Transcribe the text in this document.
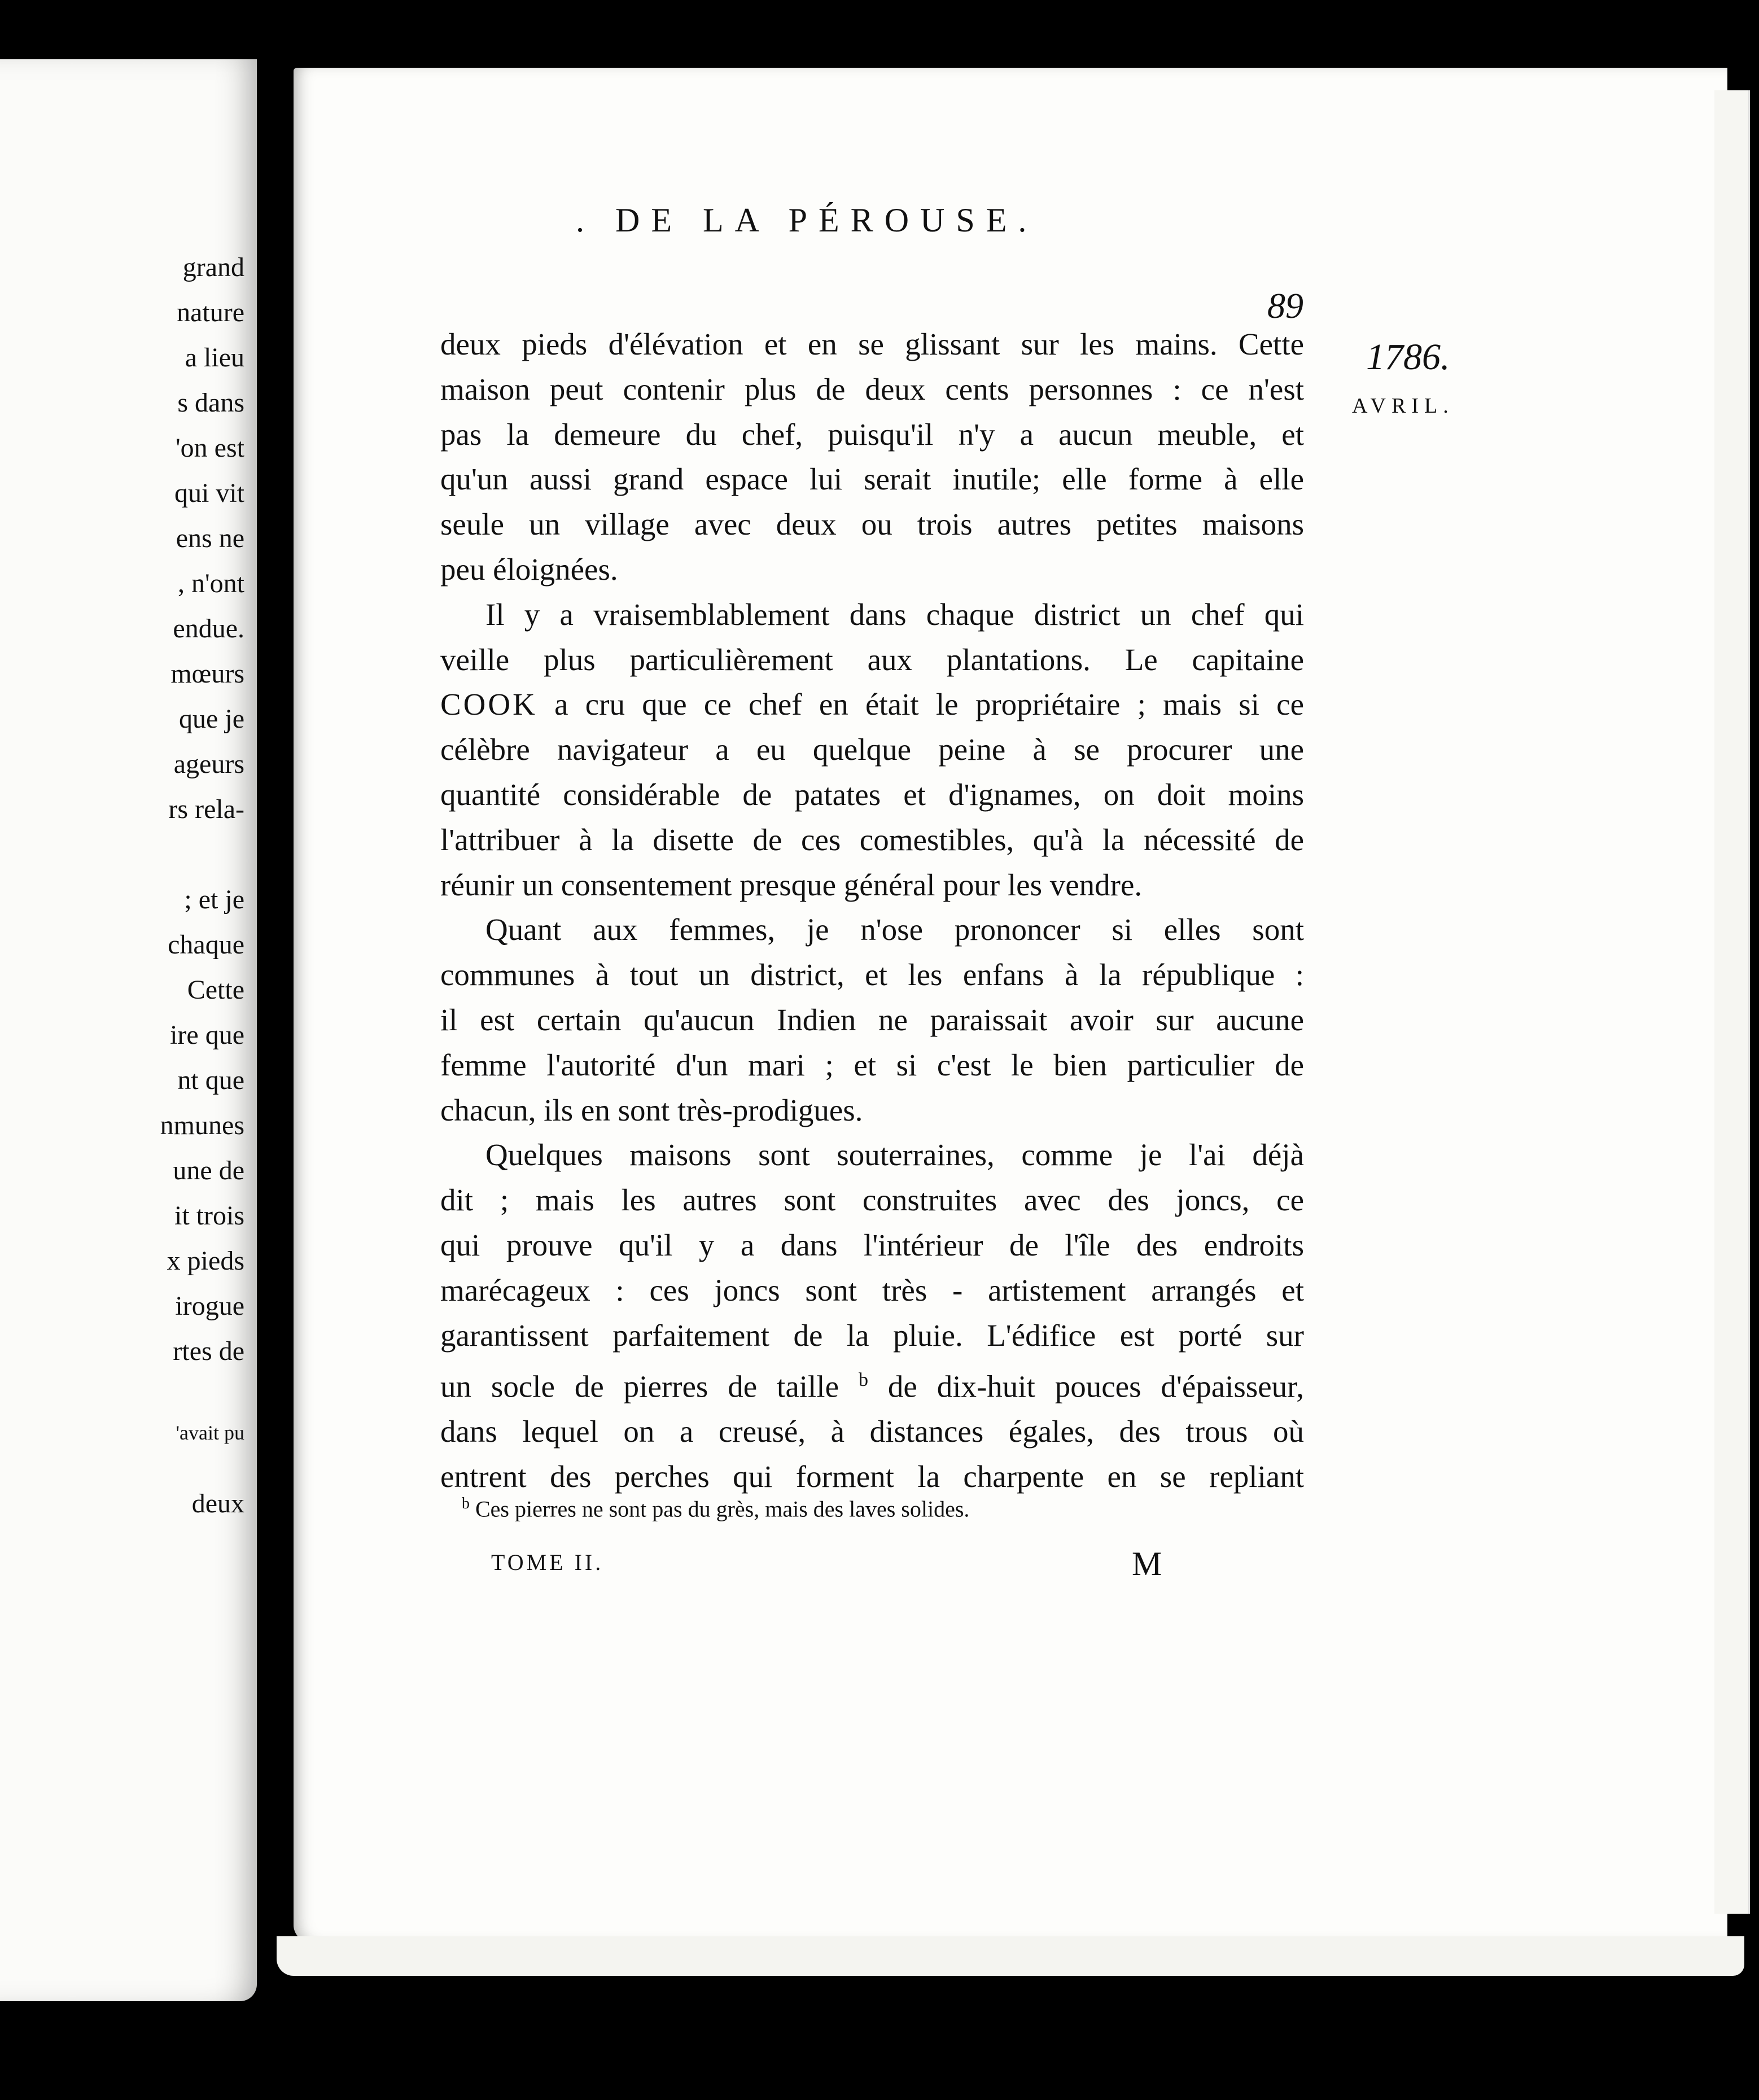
grand
nature
a lieu
s dans
'on est
qui vit
ens ne
, n'ont
endue.
mœurs
que je
ageurs
rs rela-
; et je
chaque
Cette
ire que
nt que
nmunes
une de
it trois
x pieds
irogue
rtes de
'avait pu
deux
. DE LA PÉROUSE.
89
1786.
AVRIL.
deux pieds d'élévation et en se glissant sur les mains. Cette
maison peut contenir plus de deux cents personnes : ce n'est
pas la demeure du chef, puisqu'il n'y a aucun meuble, et
qu'un aussi grand espace lui serait inutile; elle forme à elle
seule un village avec deux ou trois autres petites maisons
peu éloignées.
Il y a vraisemblablement dans chaque district un chef qui
veille plus particulièrement aux plantations. Le capitaine
COOK a cru que ce chef en était le propriétaire ; mais si ce
célèbre navigateur a eu quelque peine à se procurer une
quantité considérable de patates et d'ignames, on doit moins
l'attribuer à la disette de ces comestibles, qu'à la nécessité de
réunir un consentement presque général pour les vendre.
Quant aux femmes, je n'ose prononcer si elles sont
communes à tout un district, et les enfans à la république :
il est certain qu'aucun Indien ne paraissait avoir sur aucune
femme l'autorité d'un mari ; et si c'est le bien particulier de
chacun, ils en sont très-prodigues.
Quelques maisons sont souterraines, comme je l'ai déjà
dit ; mais les autres sont construites avec des joncs, ce
qui prouve qu'il y a dans l'intérieur de l'île des endroits
marécageux : ces joncs sont très - artistement arrangés et
garantissent parfaitement de la pluie. L'édifice est porté sur
un socle de pierres de taille $^b$ de dix-huit pouces d'épaisseur,
dans lequel on a creusé, à distances égales, des trous où
entrent des perches qui forment la charpente en se repliant
$^b$ Ces pierres ne sont pas du grès, mais des laves solides.
TOME II.	M
